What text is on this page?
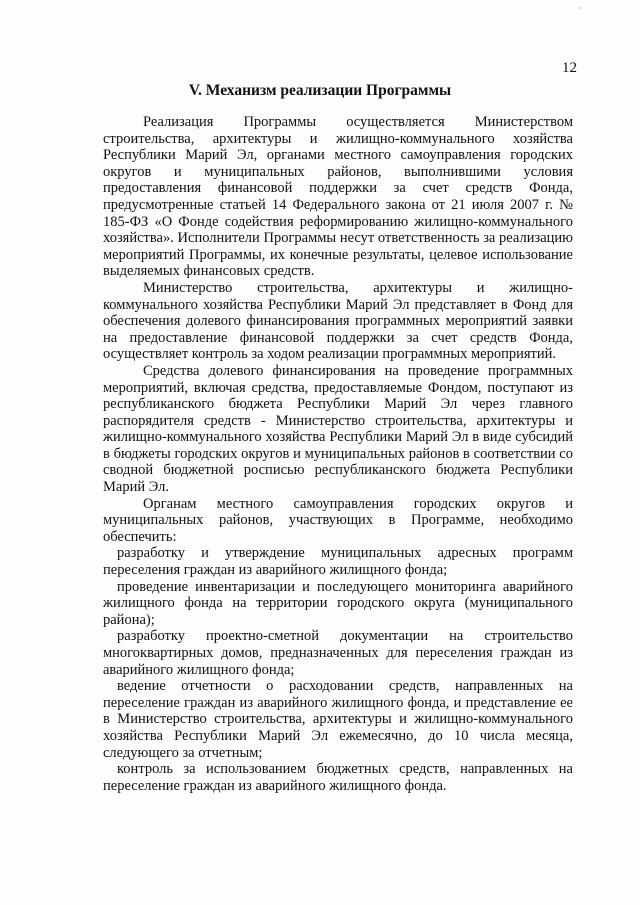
12
V. Механизм реализации Программы

Реализация Программы осуществляется Министерством строительства, архитектуры и жилищно-коммунального хозяйства Республики Марий Эл, органами местного самоуправления городских округов и муниципальных районов, выполнившими условия предоставления финансовой поддержки за счет средств Фонда, предусмотренные статьей 14 Федерального закона от 21 июля 2007 г. № 185-ФЗ «О Фонде содействия реформированию жилищно-коммунального хозяйства». Исполнители Программы несут ответственность за реализацию мероприятий Программы, их конечные результаты, целевое использование выделяемых финансовых средств.

Министерство строительства, архитектуры и жилищно-коммунального хозяйства Республики Марий Эл представляет в Фонд для обеспечения долевого финансирования программных мероприятий заявки на предоставление финансовой поддержки за счет средств Фонда, осуществляет контроль за ходом реализации программных мероприятий.

Средства долевого финансирования на проведение программных мероприятий, включая средства, предоставляемые Фондом, поступают из республиканского бюджета Республики Марий Эл через главного распорядителя средств - Министерство строительства, архитектуры и жилищно-коммунального хозяйства Республики Марий Эл в виде субсидий в бюджеты городских округов и муниципальных районов в соответствии со сводной бюджетной росписью республиканского бюджета Республики Марий Эл.

Органам местного самоуправления городских округов и муниципальных районов, участвующих в Программе, необходимо обеспечить:

разработку и утверждение муниципальных адресных программ переселения граждан из аварийного жилищного фонда;

проведение инвентаризации и последующего мониторинга аварийного жилищного фонда на территории городского округа (муниципального района);

разработку проектно-сметной документации на строительство многоквартирных домов, предназначенных для переселения граждан из аварийного жилищного фонда;

ведение отчетности о расходовании средств, направленных на переселение граждан из аварийного жилищного фонда, и представление ее в Министерство строительства, архитектуры и жилищно-коммунального хозяйства Республики Марий Эл ежемесячно, до 10 числа месяца, следующего за отчетным;

контроль за использованием бюджетных средств, направленных на переселение граждан из аварийного жилищного фонда.
